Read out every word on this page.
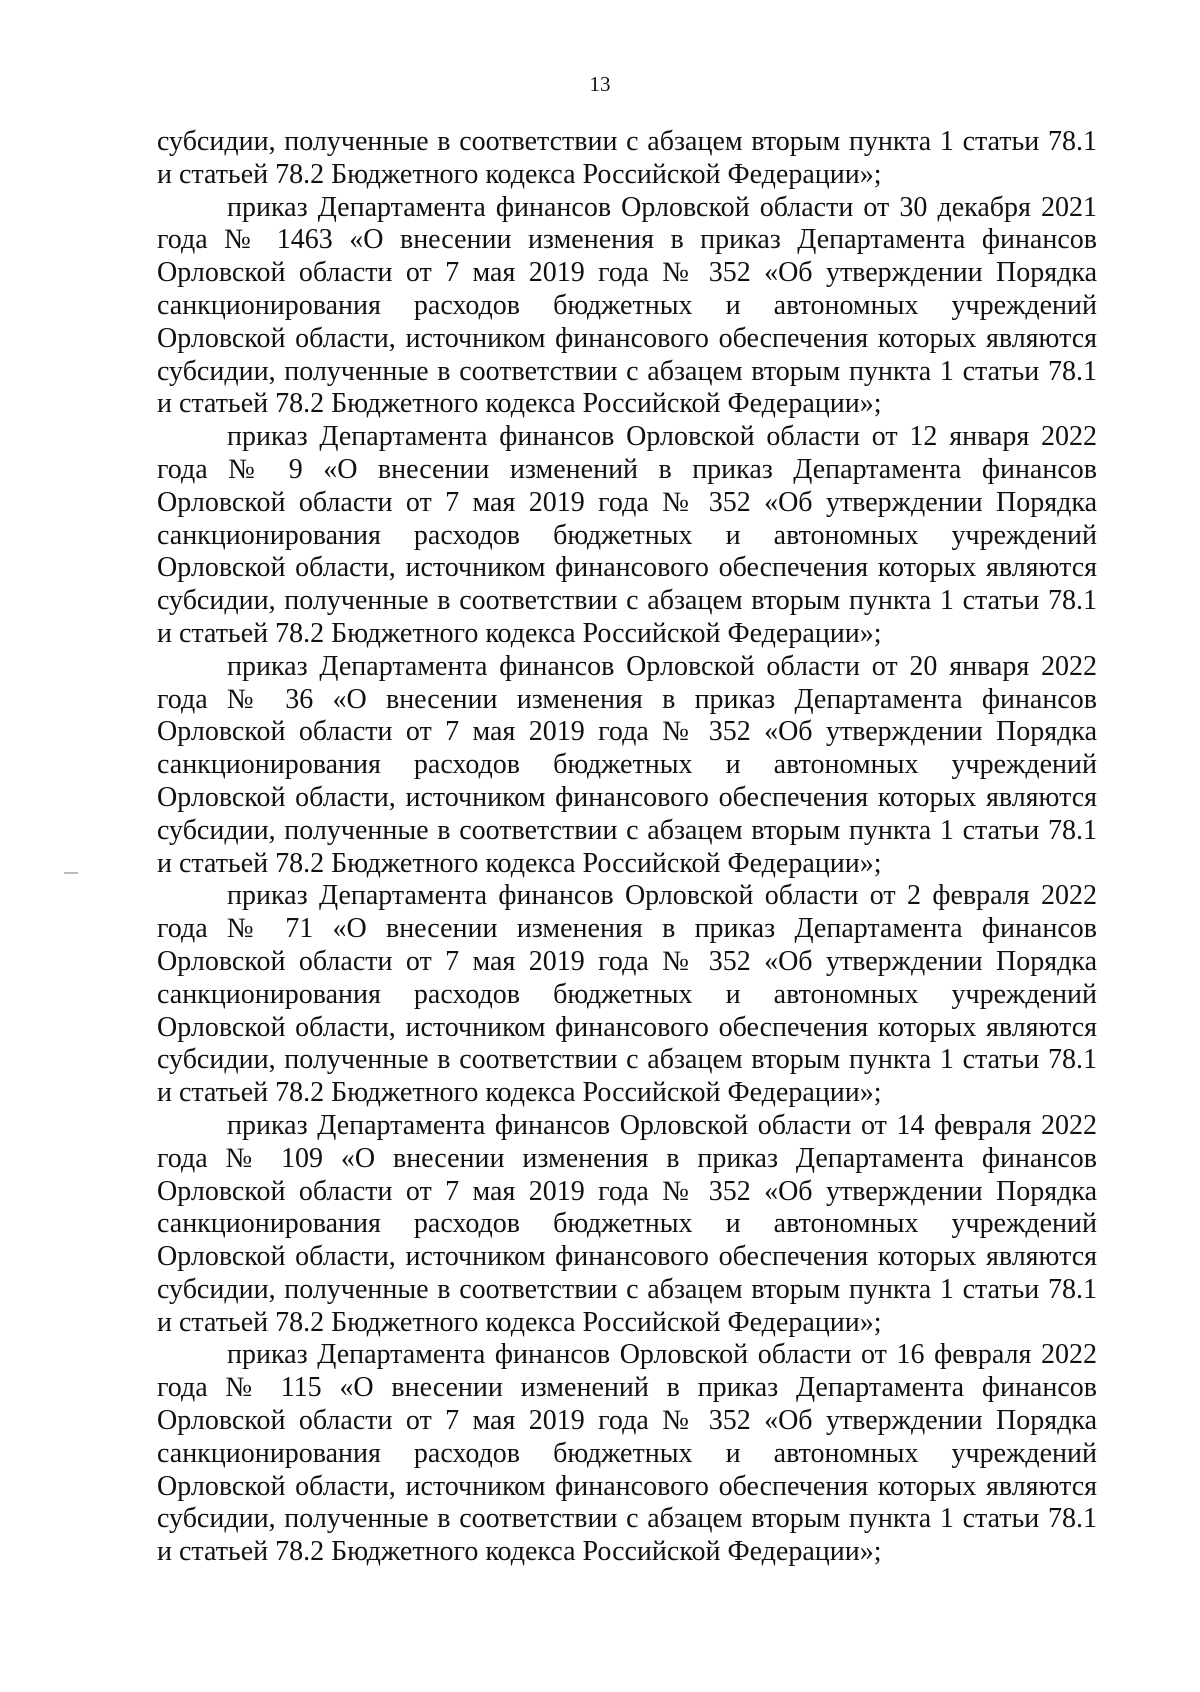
13

субсидии, полученные в соответствии с абзацем вторым пункта 1 статьи 78.1
и статьей 78.2 Бюджетного кодекса Российской Федерации»;

приказ Департамента финансов Орловской области от 30 декабря 2021
года № 1463 «О внесении изменения в приказ Департамента финансов
Орловской области от 7 мая 2019 года № 352 «Об утверждении Порядка
санкционирования расходов бюджетных и автономных учреждений
Орловской области, источником финансового обеспечения которых являются
субсидии, полученные в соответствии с абзацем вторым пункта 1 статьи 78.1
и статьей 78.2 Бюджетного кодекса Российской Федерации»;

приказ Департамента финансов Орловской области от 12 января 2022
года № 9 «О внесении изменений в приказ Департамента финансов
Орловской области от 7 мая 2019 года № 352 «Об утверждении Порядка
санкционирования расходов бюджетных и автономных учреждений
Орловской области, источником финансового обеспечения которых являются
субсидии, полученные в соответствии с абзацем вторым пункта 1 статьи 78.1
и статьей 78.2 Бюджетного кодекса Российской Федерации»;

приказ Департамента финансов Орловской области от 20 января 2022
года № 36 «О внесении изменения в приказ Департамента финансов
Орловской области от 7 мая 2019 года № 352 «Об утверждении Порядка
санкционирования расходов бюджетных и автономных учреждений
Орловской области, источником финансового обеспечения которых являются
субсидии, полученные в соответствии с абзацем вторым пункта 1 статьи 78.1
и статьей 78.2 Бюджетного кодекса Российской Федерации»;

приказ Департамента финансов Орловской области от 2 февраля 2022
года № 71 «О внесении изменения в приказ Департамента финансов
Орловской области от 7 мая 2019 года № 352 «Об утверждении Порядка
санкционирования расходов бюджетных и автономных учреждений
Орловской области, источником финансового обеспечения которых являются
субсидии, полученные в соответствии с абзацем вторым пункта 1 статьи 78.1
и статьей 78.2 Бюджетного кодекса Российской Федерации»;

приказ Департамента финансов Орловской области от 14 февраля 2022
года № 109 «О внесении изменения в приказ Департамента финансов
Орловской области от 7 мая 2019 года № 352 «Об утверждении Порядка
санкционирования расходов бюджетных и автономных учреждений
Орловской области, источником финансового обеспечения которых являются
субсидии, полученные в соответствии с абзацем вторым пункта 1 статьи 78.1
и статьей 78.2 Бюджетного кодекса Российской Федерации»;

приказ Департамента финансов Орловской области от 16 февраля 2022
года № 115 «О внесении изменений в приказ Департамента финансов
Орловской области от 7 мая 2019 года № 352 «Об утверждении Порядка
санкционирования расходов бюджетных и автономных учреждений
Орловской области, источником финансового обеспечения которых являются
субсидии, полученные в соответствии с абзацем вторым пункта 1 статьи 78.1
и статьей 78.2 Бюджетного кодекса Российской Федерации»;
